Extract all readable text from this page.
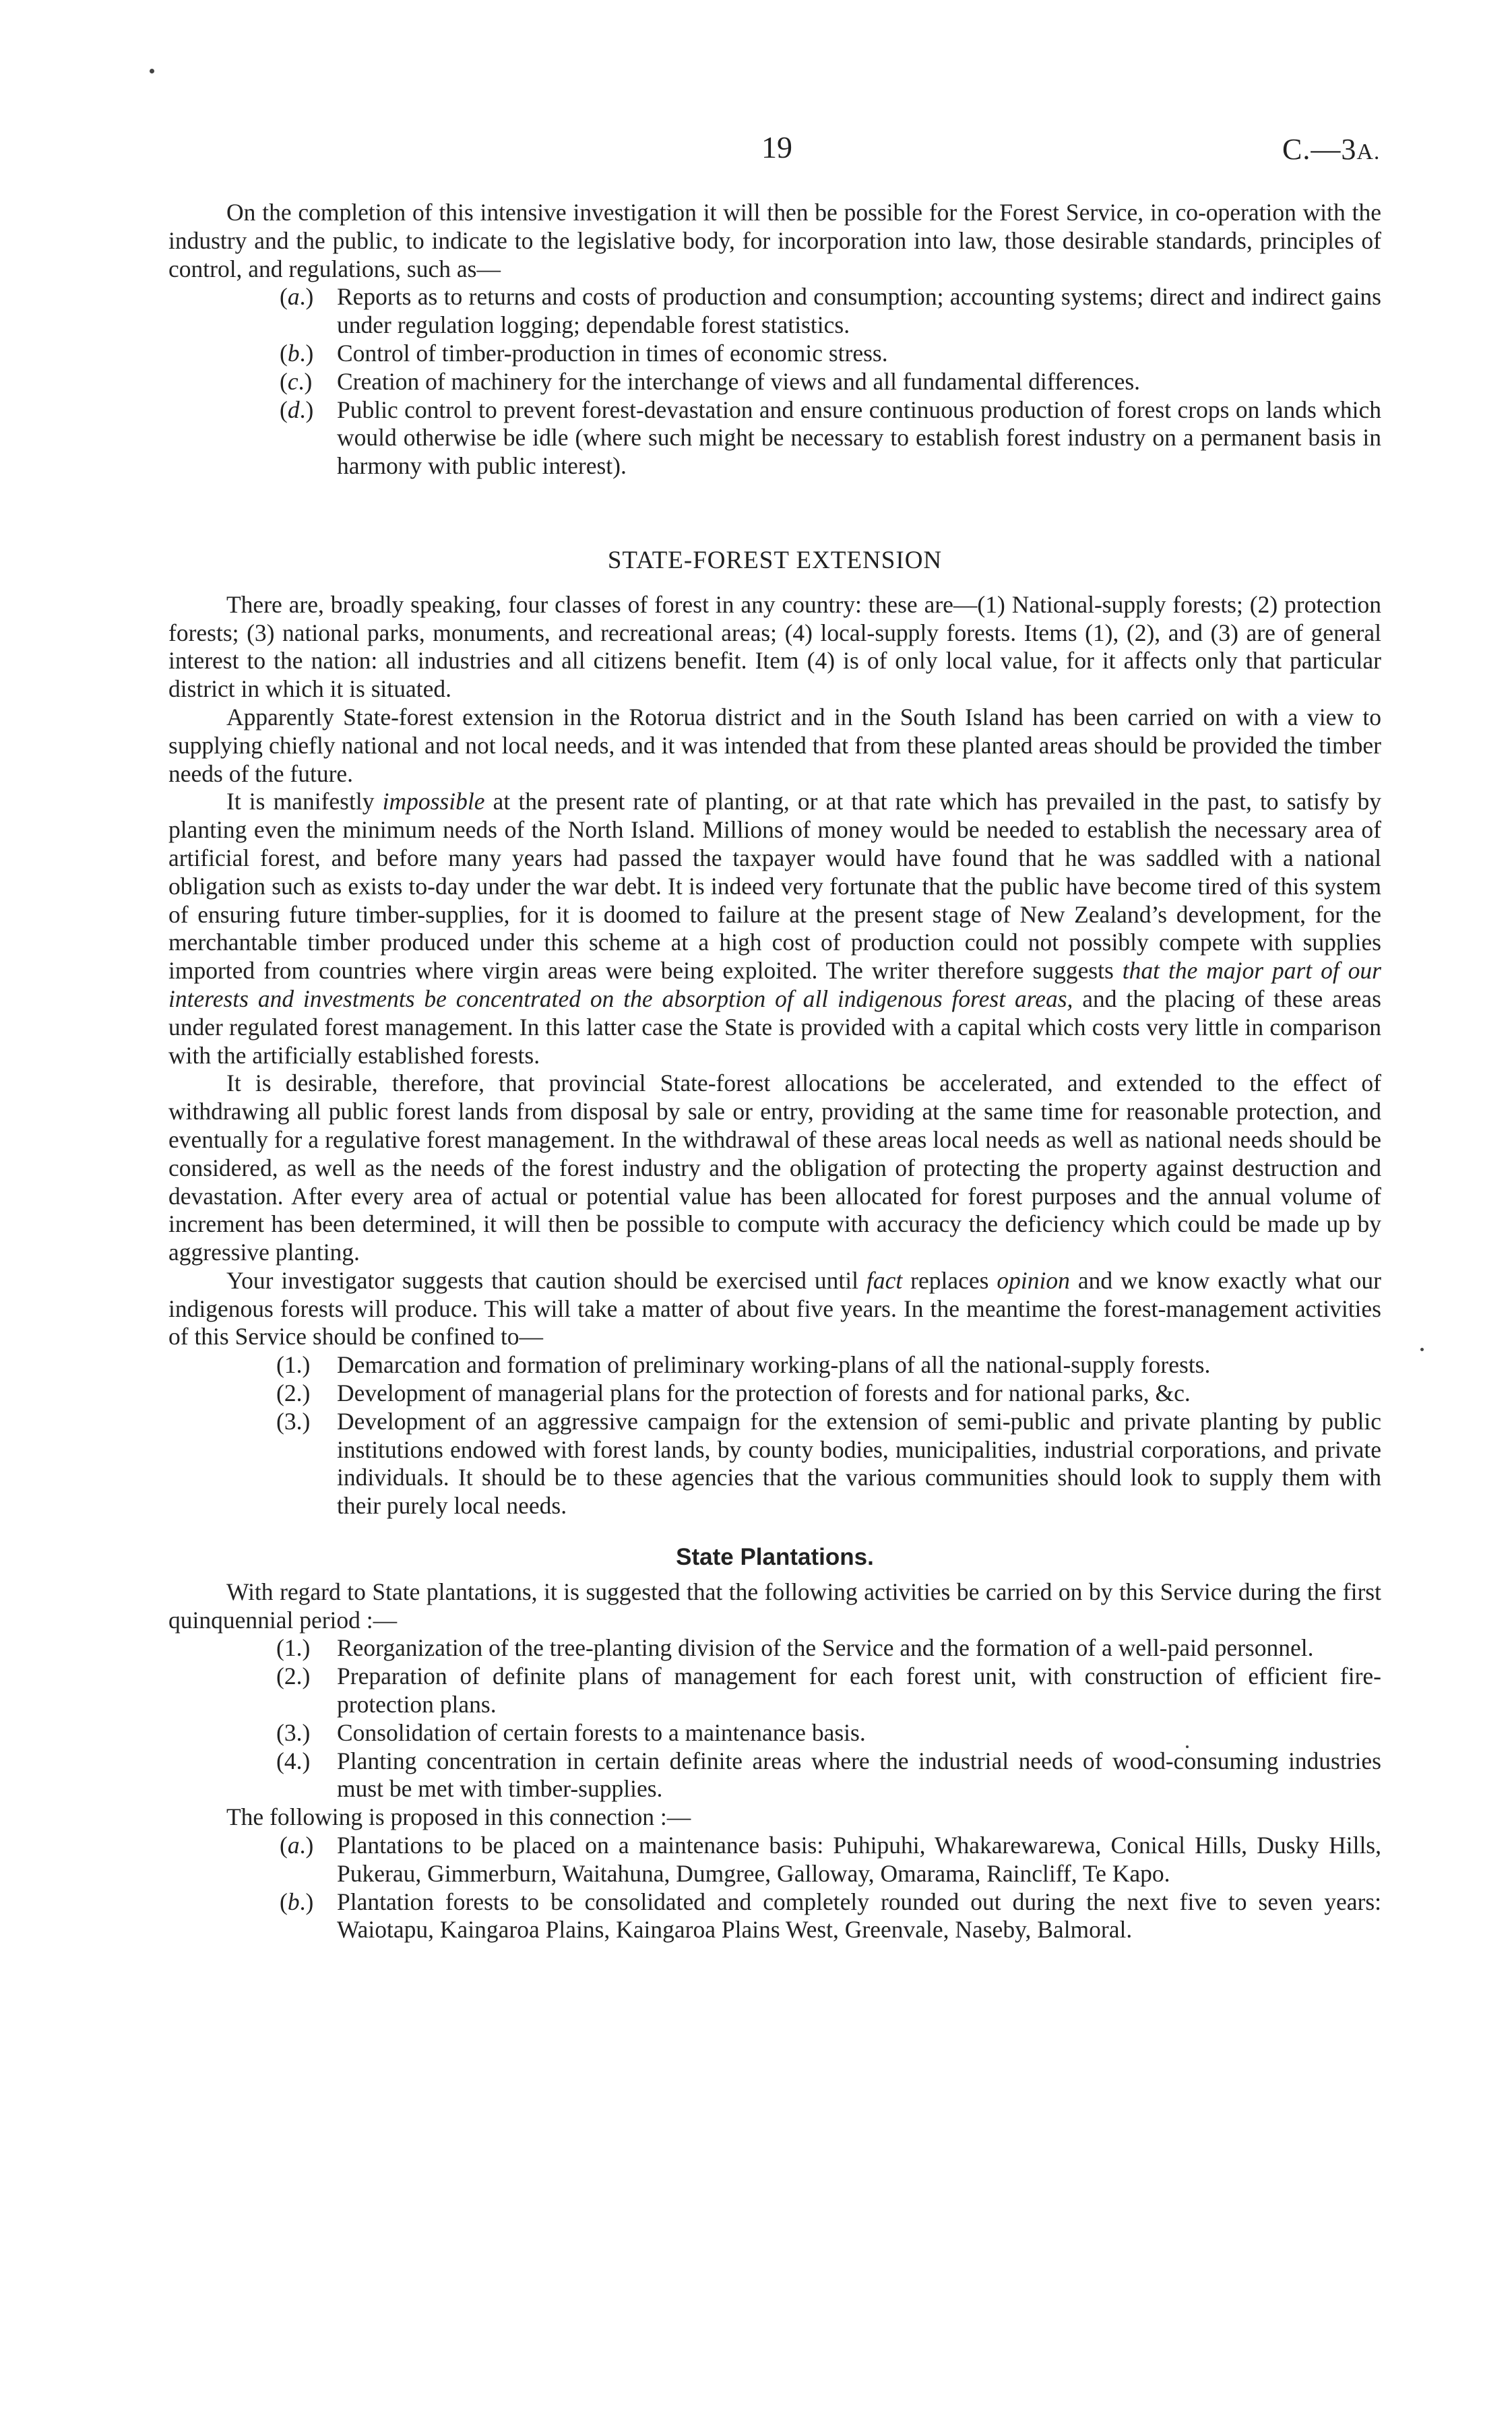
19	C.—3A.

On the completion of this intensive investigation it will then be possible for the Forest Service, in co-operation with the industry and the public, to indicate to the legislative body, for incorporation into law, those desirable standards, principles of control, and regulations, such as—

(a.) Reports as to returns and costs of production and consumption; accounting systems; direct and indirect gains under regulation logging; dependable forest statistics.
(b.) Control of timber-production in times of economic stress.
(c.) Creation of machinery for the interchange of views and all fundamental differences.
(d.) Public control to prevent forest-devastation and ensure continuous production of forest crops on lands which would otherwise be idle (where such might be necessary to establish forest industry on a permanent basis in harmony with public interest).
STATE-FOREST EXTENSION

There are, broadly speaking, four classes of forest in any country: these are—(1) National-supply forests; (2) protection forests; (3) national parks, monuments, and recreational areas; (4) local-supply forests. Items (1), (2), and (3) are of general interest to the nation: all industries and all citizens benefit. Item (4) is of only local value, for it affects only that particular district in which it is situated.

Apparently State-forest extension in the Rotorua district and in the South Island has been carried on with a view to supplying chiefly national and not local needs, and it was intended that from these planted areas should be provided the timber needs of the future.

It is manifestly impossible at the present rate of planting, or at that rate which has prevailed in the past, to satisfy by planting even the minimum needs of the North Island. Millions of money would be needed to establish the necessary area of artificial forest, and before many years had passed the taxpayer would have found that he was saddled with a national obligation such as exists to-day under the war debt. It is indeed very fortunate that the public have become tired of this system of ensuring future timber-supplies, for it is doomed to failure at the present stage of New Zealand’s development, for the merchantable timber produced under this scheme at a high cost of production could not possibly compete with supplies imported from countries where virgin areas were being exploited. The writer therefore suggests that the major part of our interests and investments be concentrated on the absorption of all indigenous forest areas, and the placing of these areas under regulated forest management. In this latter case the State is provided with a capital which costs very little in comparison with the artificially established forests.

It is desirable, therefore, that provincial State-forest allocations be accelerated, and extended to the effect of withdrawing all public forest lands from disposal by sale or entry, providing at the same time for reasonable protection, and eventually for a regulative forest management. In the withdrawal of these areas local needs as well as national needs should be considered, as well as the needs of the forest industry and the obligation of protecting the property against destruction and devastation. After every area of actual or potential value has been allocated for forest purposes and the annual volume of increment has been determined, it will then be possible to compute with accuracy the deficiency which could be made up by aggressive planting.

Your investigator suggests that caution should be exercised until fact replaces opinion and we know exactly what our indigenous forests will produce. This will take a matter of about five years. In the meantime the forest-management activities of this Service should be confined to—

(1.) Demarcation and formation of preliminary working-plans of all the national-supply forests.
(2.) Development of managerial plans for the protection of forests and for national parks, &c.
(3.) Development of an aggressive campaign for the extension of semi-public and private planting by public institutions endowed with forest lands, by county bodies, municipalities, industrial corporations, and private individuals. It should be to these agencies that the various communities should look to supply them with their purely local needs.
State Plantations.

With regard to State plantations, it is suggested that the following activities be carried on by this Service during the first quinquennial period :—

(1.) Reorganization of the tree-planting division of the Service and the formation of a well-paid personnel.
(2.) Preparation of definite plans of management for each forest unit, with construction of efficient fire-protection plans.
(3.) Consolidation of certain forests to a maintenance basis.
(4.) Planting concentration in certain definite areas where the industrial needs of wood-consuming industries must be met with timber-supplies.

The following is proposed in this connection :—

(a.) Plantations to be placed on a maintenance basis: Puhipuhi, Whakarewarewa, Conical Hills, Dusky Hills, Pukerau, Gimmerburn, Waitahuna, Dumgree, Galloway, Omarama, Raincliff, Te Kapo.
(b.) Plantation forests to be consolidated and completely rounded out during the next five to seven years: Waiotapu, Kaingaroa Plains, Kaingaroa Plains West, Greenvale, Naseby, Balmoral.
